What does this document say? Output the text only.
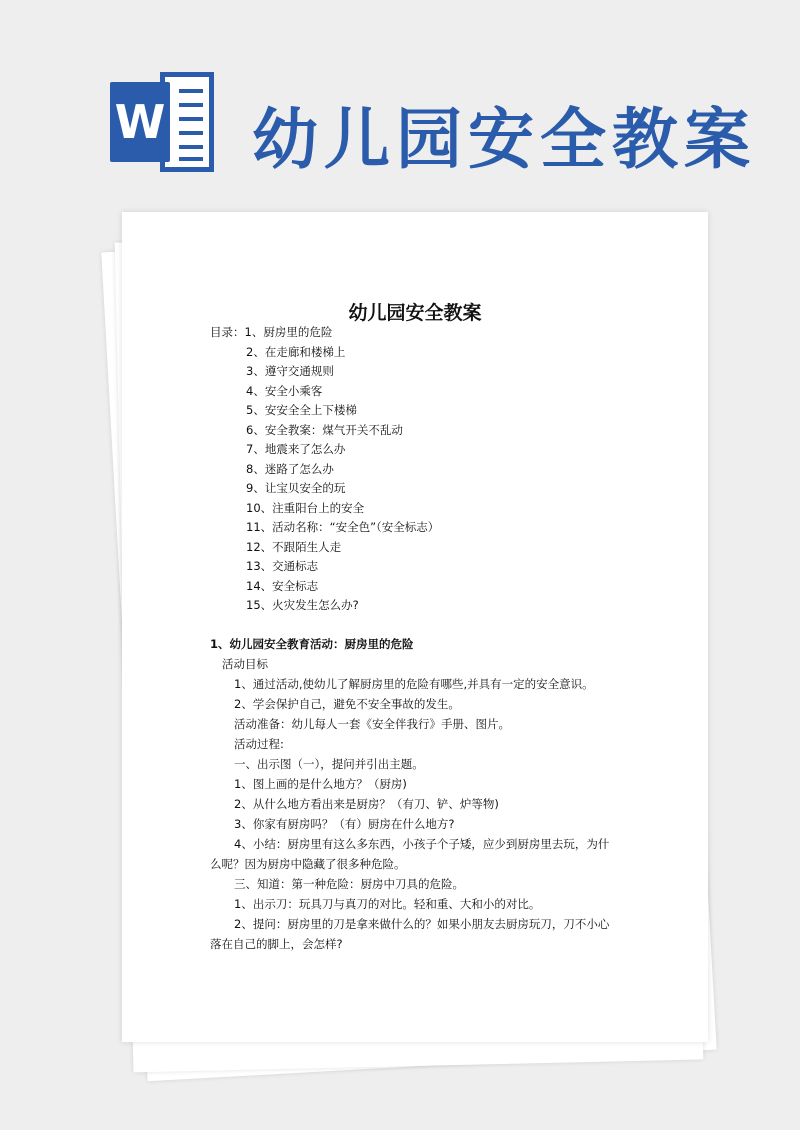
W 幼儿园安全教案
幼儿园安全教案
目录：1、厨房里的危险
2、在走廊和楼梯上
3、遵守交通规则
4、安全小乘客
5、安安全全上下楼梯
6、安全教案：煤气开关不乱动
7、地震来了怎么办
8、迷路了怎么办
9、让宝贝安全的玩
10、注重阳台上的安全
11、活动名称：“安全色”（安全标志）
12、不跟陌生人走
13、交通标志
14、安全标志
15、火灾发生怎么办?
1、幼儿园安全教育活动：厨房里的危险
活动目标
1、通过活动,使幼儿了解厨房里的危险有哪些,并具有一定的安全意识。
2、学会保护自己，避免不安全事故的发生。
活动准备：幼儿每人一套《安全伴我行》手册、图片。
活动过程:
一、出示图（一），提问并引出主题。
1、图上画的是什么地方？（厨房)
2、从什么地方看出来是厨房？（有刀、铲、炉等物)
3、你家有厨房吗？（有）厨房在什么地方?
4、小结：厨房里有这么多东西，小孩子个子矮，应少到厨房里去玩，为什
么呢？因为厨房中隐藏了很多种危险。
三、知道：第一种危险：厨房中刀具的危险。
1、出示刀：玩具刀与真刀的对比。轻和重、大和小的对比。
2、提问：厨房里的刀是拿来做什么的？如果小朋友去厨房玩刀，刀不小心
落在自己的脚上，会怎样?
